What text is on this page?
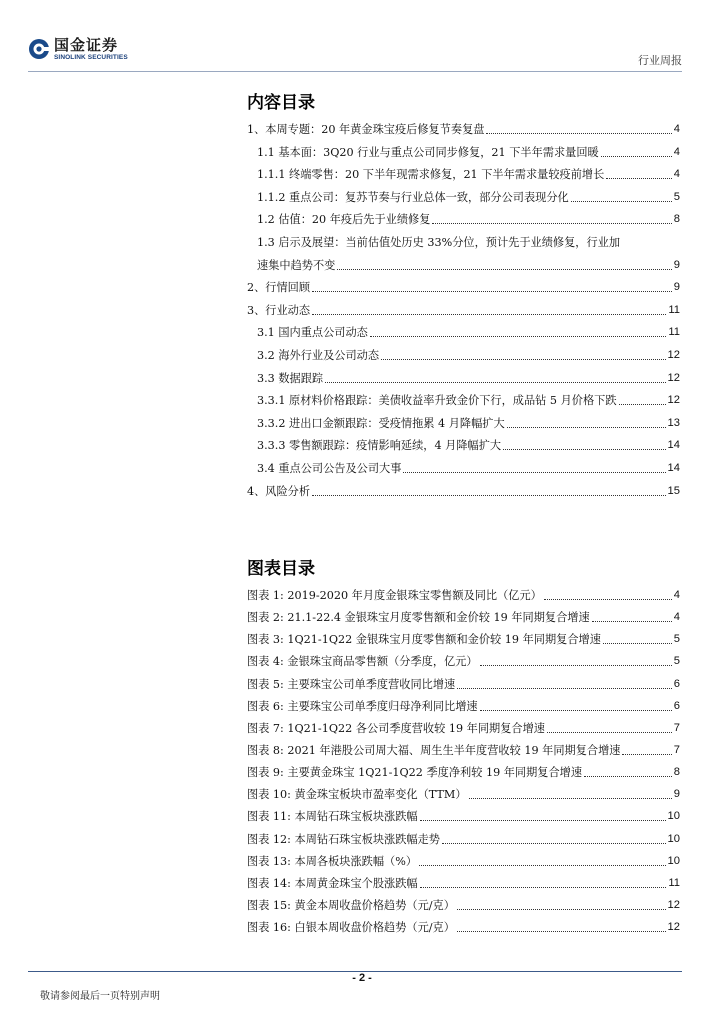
国金证券
SINOLINK SECURITIES	行业周报
内容目录
1、本周专题：20 年黄金珠宝疫后修复节奏复盘	4
1.1 基本面：3Q20 行业与重点公司同步修复，21 下半年需求量回暖	4
1.1.1 终端零售：20 下半年现需求修复，21 下半年需求量较疫前增长	4
1.1.2 重点公司：复苏节奏与行业总体一致，部分公司表现分化	5
1.2 估值：20 年疫后先于业绩修复	8
1.3 启示及展望：当前估值处历史 33%分位，预计先于业绩修复，行业加
速集中趋势不变	9
2、行情回顾	9
3、行业动态	11
3.1 国内重点公司动态	11
3.2 海外行业及公司动态	12
3.3 数据跟踪	12
3.3.1 原材料价格跟踪：美债收益率升致金价下行，成品钻 5 月价格下跌	12
3.3.2 进出口金额跟踪：受疫情拖累 4 月降幅扩大	13
3.3.3 零售额跟踪：疫情影响延续，4 月降幅扩大	14
3.4 重点公司公告及公司大事	14
4、风险分析	15
图表目录
图表 1: 2019-2020 年月度金银珠宝零售额及同比（亿元）	4
图表 2: 21.1-22.4 金银珠宝月度零售额和金价较 19 年同期复合增速	4
图表 3: 1Q21-1Q22 金银珠宝月度零售额和金价较 19 年同期复合增速	5
图表 4: 金银珠宝商品零售额（分季度，亿元）	5
图表 5: 主要珠宝公司单季度营收同比增速	6
图表 6: 主要珠宝公司单季度归母净利同比增速	6
图表 7: 1Q21-1Q22 各公司季度营收较 19 年同期复合增速	7
图表 8: 2021 年港股公司周大福、周生生半年度营收较 19 年同期复合增速	7
图表 9: 主要黄金珠宝 1Q21-1Q22 季度净利较 19 年同期复合增速	8
图表 10: 黄金珠宝板块市盈率变化（TTM）	9
图表 11: 本周钻石珠宝板块涨跌幅	10
图表 12: 本周钻石珠宝板块涨跌幅走势	10
图表 13: 本周各板块涨跌幅（%）	10
图表 14: 本周黄金珠宝个股涨跌幅	11
图表 15: 黄金本周收盘价格趋势（元/克）	12
图表 16: 白银本周收盘价格趋势（元/克）	12
- 2 -
敬请参阅最后一页特别声明
